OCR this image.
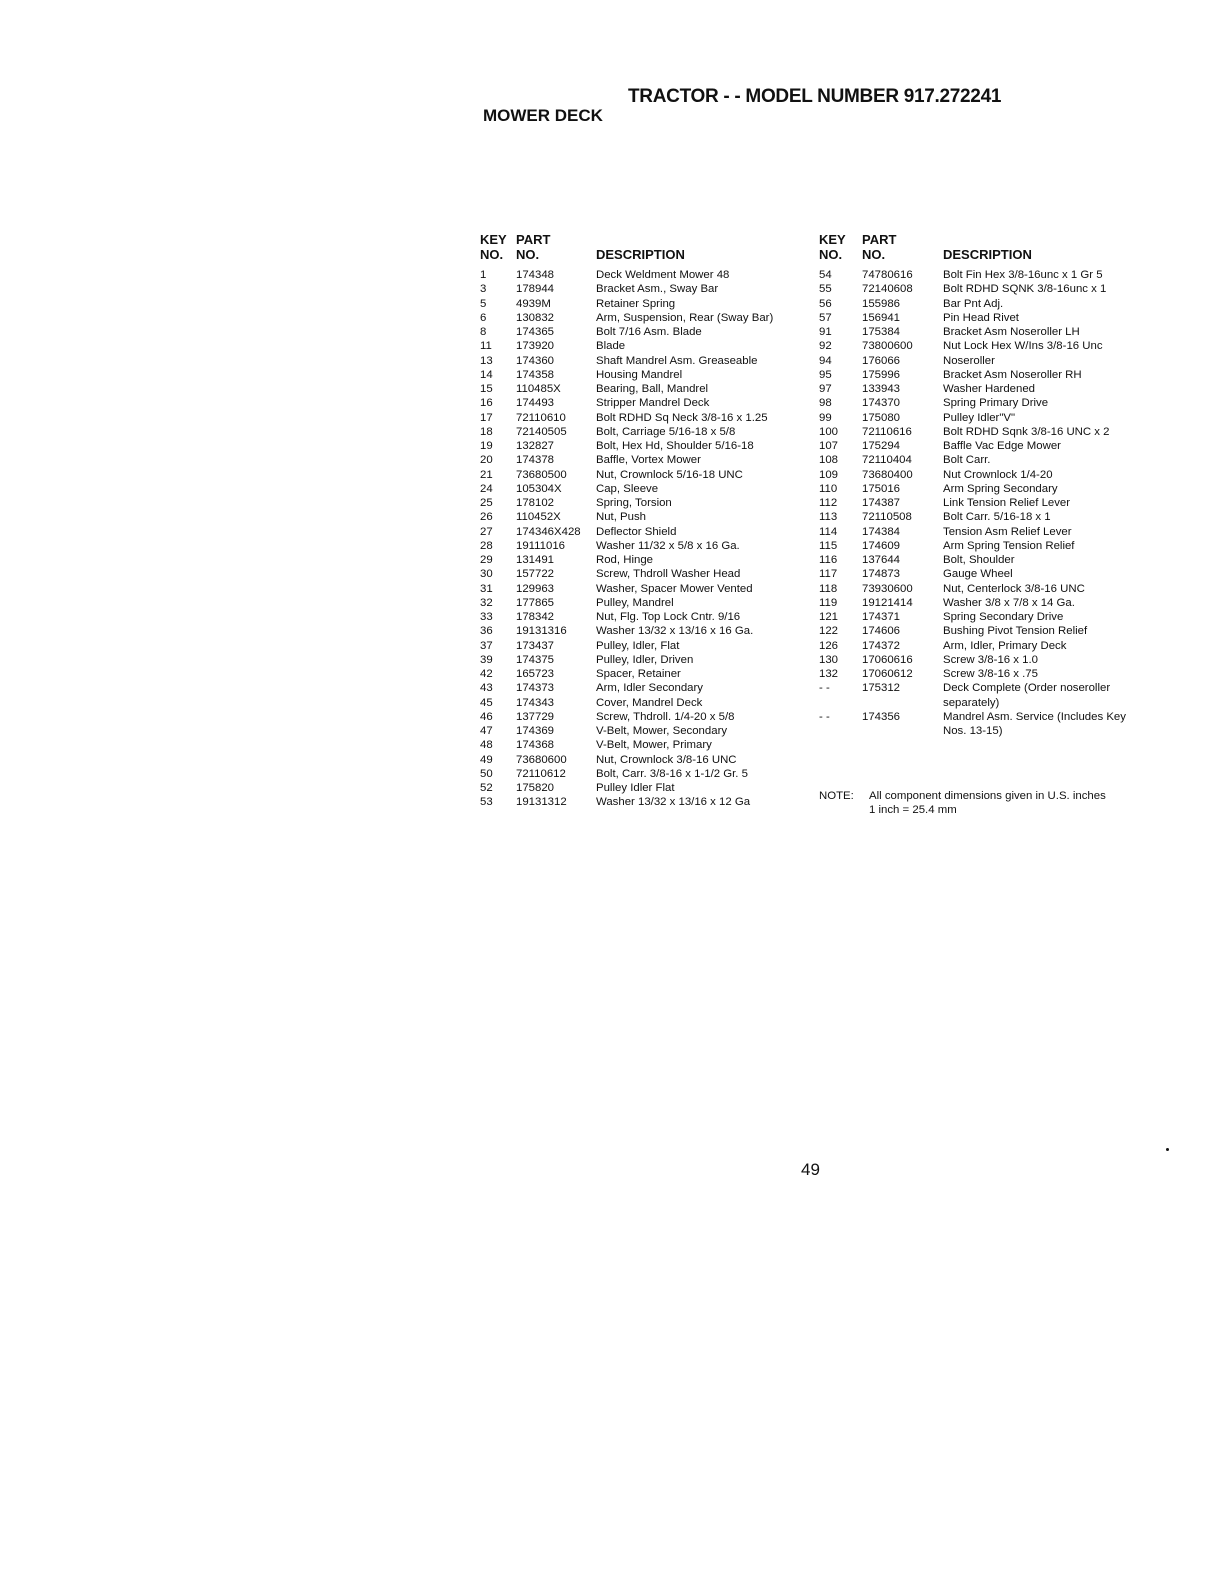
TRACTOR - - MODEL NUMBER 917.272241
MOWER DECK
KEY PART
NO. NO.	DESCRIPTION
1	174348	Deck Weldment Mower 48
3	178944	Bracket Asm., Sway Bar
5	4939M	Retainer Spring
6	130832	Arm, Suspension, Rear (Sway Bar)
8	174365	Bolt 7/16 Asm. Blade
11	173920	Blade
13	174360	Shaft Mandrel Asm. Greaseable
14	174358	Housing Mandrel
15	110485X	Bearing, Ball, Mandrel
16	174493	Stripper Mandrel Deck
17	72110610	Bolt RDHD Sq Neck 3/8-16 x 1.25
18	72140505	Bolt, Carriage 5/16-18 x 5/8
19	132827	Bolt, Hex Hd, Shoulder 5/16-18
20	174378	Baffle, Vortex Mower
21	73680500	Nut, Crownlock 5/16-18 UNC
24	105304X	Cap, Sleeve
25	178102	Spring, Torsion
26	110452X	Nut, Push
27	174346X428	Deflector Shield
28	19111016	Washer 11/32 x 5/8 x 16 Ga.
29	131491	Rod, Hinge
30	157722	Screw, Thdroll Washer Head
31	129963	Washer, Spacer Mower Vented
32	177865	Pulley, Mandrel
33	178342	Nut, Flg. Top Lock Cntr. 9/16
36	19131316	Washer 13/32 x 13/16 x 16 Ga.
37	173437	Pulley, Idler, Flat
39	174375	Pulley, Idler, Driven
42	165723	Spacer, Retainer
43	174373	Arm, Idler Secondary
45	174343	Cover, Mandrel Deck
46	137729	Screw, Thdroll. 1/4-20 x 5/8
47	174369	V-Belt, Mower, Secondary
48	174368	V-Belt, Mower, Primary
49	73680600	Nut, Crownlock 3/8-16 UNC
50	72110612	Bolt, Carr. 3/8-16 x 1-1/2 Gr. 5
52	175820	Pulley Idler Flat
53	19131312	Washer 13/32 x 13/16 x 12 Ga
KEY	PART
NO.	NO.	DESCRIPTION
54	74780616	Bolt Fin Hex 3/8-16unc x 1 Gr 5
55	72140608	Bolt RDHD SQNK 3/8-16unc x 1
56	155986	Bar Pnt Adj.
57	156941	Pin Head Rivet
91	175384	Bracket Asm Noseroller LH
92	73800600	Nut Lock Hex W/Ins 3/8-16 Unc
94	176066	Noseroller
95	175996	Bracket Asm Noseroller RH
97	133943	Washer Hardened
98	174370	Spring Primary Drive
99	175080	Pulley Idler"V"
100	72110616	Bolt RDHD Sqnk 3/8-16 UNC x 2
107	175294	Baffle Vac Edge Mower
108	72110404	Bolt Carr.
109	73680400	Nut Crownlock 1/4-20
110	175016	Arm Spring Secondary
112	174387	Link Tension Relief Lever
113	72110508	Bolt Carr. 5/16-18 x 1
114	174384	Tension Asm Relief Lever
115	174609	Arm Spring Tension Relief
116	137644	Bolt, Shoulder
117	174873	Gauge Wheel
118	73930600	Nut, Centerlock 3/8-16 UNC
119	19121414	Washer 3/8 x 7/8 x 14 Ga.
121	174371	Spring Secondary Drive
122	174606	Bushing Pivot Tension Relief
126	174372	Arm, Idler, Primary Deck
130	17060616	Screw 3/8-16 x 1.0
132	17060612	Screw 3/8-16 x .75
- -	175312	Deck Complete (Order noseroller separately)
- -	174356	Mandrel Asm. Service (Includes Key Nos. 13-15)
NOTE:	All component dimensions given in U.S. inches
1 inch = 25.4 mm
49
